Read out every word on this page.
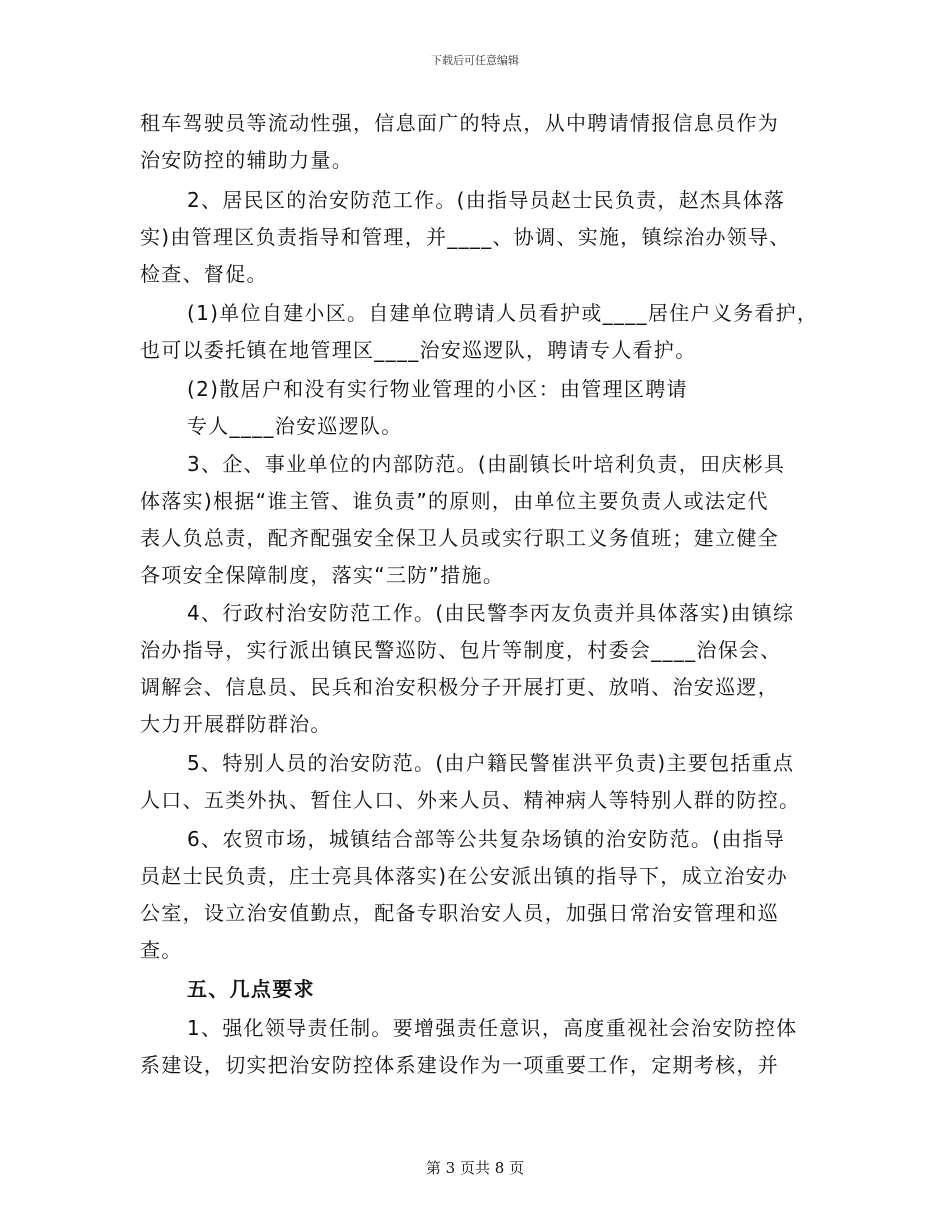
下载后可任意编辑
租车驾驶员等流动性强，信息面广的特点，从中聘请情报信息员作为
治安防控的辅助力量。
2、居民区的治安防范工作。(由指导员赵士民负责，赵杰具体落
实)由管理区负责指导和管理，并____、协调、实施，镇综治办领导、
检查、督促。
(1)单位自建小区。自建单位聘请人员看护或____居住户义务看护，
也可以委托镇在地管理区____治安巡逻队，聘请专人看护。
(2)散居户和没有实行物业管理的小区：由管理区聘请
专人____治安巡逻队。
3、企、事业单位的内部防范。(由副镇长叶培利负责，田庆彬具
体落实)根据“谁主管、谁负责”的原则，由单位主要负责人或法定代
表人负总责，配齐配强安全保卫人员或实行职工义务值班；建立健全
各项安全保障制度，落实“三防”措施。
4、行政村治安防范工作。(由民警李丙友负责并具体落实)由镇综
治办指导，实行派出镇民警巡防、包片等制度，村委会____治保会、
调解会、信息员、民兵和治安积极分子开展打更、放哨、治安巡逻，
大力开展群防群治。
5、特别人员的治安防范。(由户籍民警崔洪平负责)主要包括重点
人口、五类外执、暂住人口、外来人员、精神病人等特别人群的防控。
6、农贸市场，城镇结合部等公共复杂场镇的治安防范。(由指导
员赵士民负责，庄士亮具体落实)在公安派出镇的指导下，成立治安办
公室，设立治安值勤点，配备专职治安人员，加强日常治安管理和巡
查。
五、几点要求
1、强化领导责任制。要增强责任意识，高度重视社会治安防控体
系建设，切实把治安防控体系建设作为一项重要工作，定期考核，并
第 3 页共 8 页
